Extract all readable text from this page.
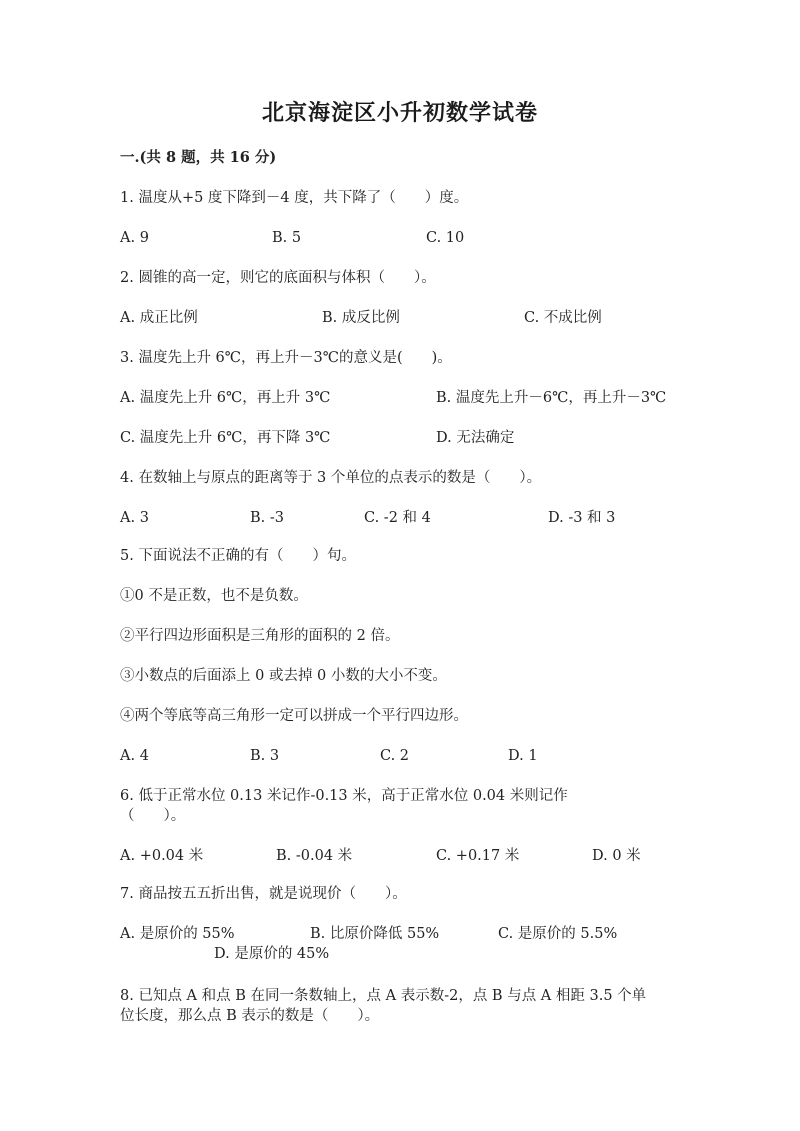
北京海淀区小升初数学试卷
一.(共 8 题，共 16 分)
1. 温度从+5 度下降到－4 度，共下降了（　　）度。
A. 9	B. 5	C. 10
2. 圆锥的高一定，则它的底面积与体积（　　）。
A. 成正比例	B. 成反比例	C. 不成比例
3. 温度先上升 6℃，再上升－3℃的意义是(　　)。
A. 温度先上升 6℃，再上升 3℃	B. 温度先上升－6℃，再上升－3℃
C. 温度先上升 6℃，再下降 3℃	D. 无法确定
4. 在数轴上与原点的距离等于 3 个单位的点表示的数是（　　）。
A. 3	B. -3	C. -2 和 4	D. -3 和 3
5. 下面说法不正确的有（　　）句。
①0 不是正数，也不是负数。
②平行四边形面积是三角形的面积的 2 倍。
③小数点的后面添上 0 或去掉 0 小数的大小不变。
④两个等底等高三角形一定可以拼成一个平行四边形。
A. 4	B. 3	C. 2	D. 1
6. 低于正常水位 0.13 米记作-0.13 米，高于正常水位 0.04 米则记作
（　　）。
A. +0.04 米	B. -0.04 米	C. +0.17 米	D. 0 米
7. 商品按五五折出售，就是说现价（　　）。
A. 是原价的 55%	B. 比原价降低 55%	C. 是原价的 5.5%
D. 是原价的 45%
8. 已知点 A 和点 B 在同一条数轴上，点 A 表示数-2，点 B 与点 A 相距 3.5 个单
位长度，那么点 B 表示的数是（　　）。
